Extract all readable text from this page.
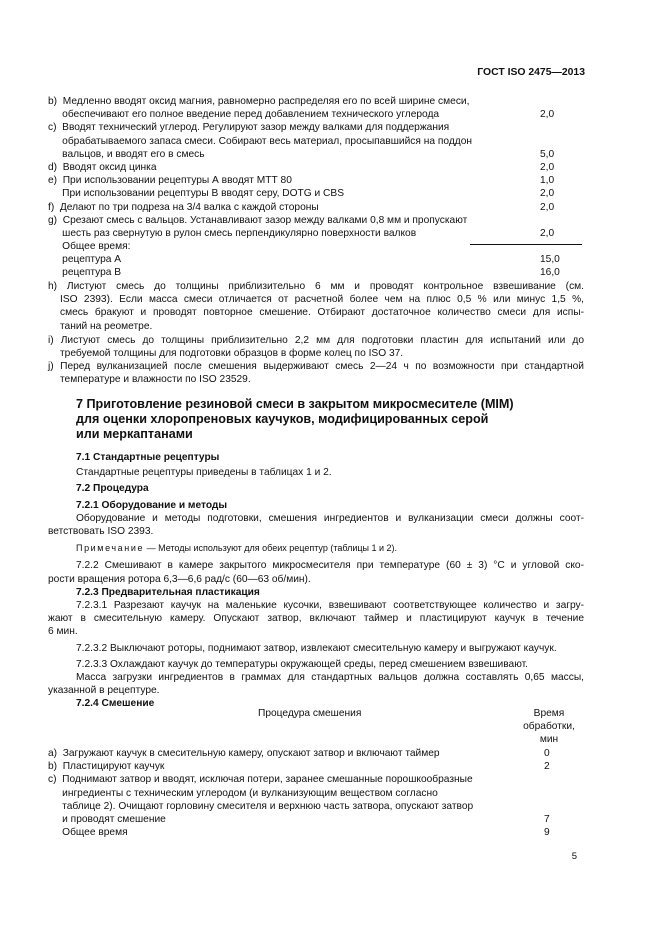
ГОСТ ISO 2475—2013
b)  Медленно вводят оксид магния, равномерно распределяя его по всей ширине смеси,
обеспечивают его полное введение перед добавлением технического углерода	2,0
c)  Вводят технический углерод. Регулируют зазор между валками для поддержания
обрабатываемого запаса смеси. Собирают весь материал, просыпавшийся на поддон
вальцов, и вводят его в смесь	5,0
d)  Вводят оксид цинка	2,0
e)  При использовании рецептуры А вводят МТТ 80	1,0
При использовании рецептуры В вводят серу, DOTG и CBS	2,0
f)  Делают по три подреза на 3/4 валка с каждой стороны	2,0
g)  Срезают смесь с вальцов. Устанавливают зазор между валками 0,8 мм и пропускают
шесть раз свернутую в рулон смесь перпендикулярно поверхности валков	2,0
Общее время:
рецептура А	15,0
рецептура В	16,0
h) Листуют смесь до толщины приблизительно 6 мм и проводят контрольное взвешивание (см.
ISO 2393). Если масса смеси отличается от расчетной более чем на плюс 0,5 % или минус 1,5 %,
смесь бракуют и проводят повторное смешение. Отбирают достаточное количество смеси для испы-
таний на реометре.
i) Листуют смесь до толщины приблизительно 2,2 мм для подготовки пластин для испытаний или до
требуемой толщины для подготовки образцов в форме колец по ISO 37.
j) Перед вулканизацией после смешения выдерживают смесь 2—24 ч по возможности при стандартной
температуре и влажности по ISO 23529.
7 Приготовление резиновой смеси в закрытом микросмесителе (MIM)
для оценки хлоропреновых каучуков, модифицированных серой
или меркаптанами
7.1 Стандартные рецептуры
Стандартные рецептуры приведены в таблицах 1 и 2.
7.2 Процедура
7.2.1 Оборудование и методы
Оборудование и методы подготовки, смешения ингредиентов и вулканизации смеси должны соот-
ветствовать ISO 2393.
Примечание — Методы используют для обеих рецептур (таблицы 1 и 2).
7.2.2 Смешивают в камере закрытого микросмесителя при температуре (60 ± 3) °С и угловой ско-
рости вращения ротора 6,3—6,6 рад/с (60—63 об/мин).
7.2.3 Предварительная пластикация
7.2.3.1 Разрезают каучук на маленькие кусочки, взвешивают соответствующее количество и загру-
жают в смесительную камеру. Опускают затвор, включают таймер и пластицируют каучук в течение
6 мин.
7.2.3.2 Выключают роторы, поднимают затвор, извлекают смесительную камеру и выгружают каучук.
7.2.3.3 Охлаждают каучук до температуры окружающей среды, перед смешением взвешивают.
Масса загрузки ингредиентов в граммах для стандартных вальцов должна составлять 0,65 массы,
указанной в рецептуре.
7.2.4 Смешение
Процедура смешения	Время
обработки,
мин
a)  Загружают каучук в смесительную камеру, опускают затвор и включают таймер	0
b)  Пластицируют каучук	2
c)  Поднимают затвор и вводят, исключая потери, заранее смешанные порошкообразные
ингредиенты с техническим углеродом (и вулканизующим веществом согласно
таблице 2). Очищают горловину смесителя и верхнюю часть затвора, опускают затвор
и проводят смешение	7
Общее время	9
5
